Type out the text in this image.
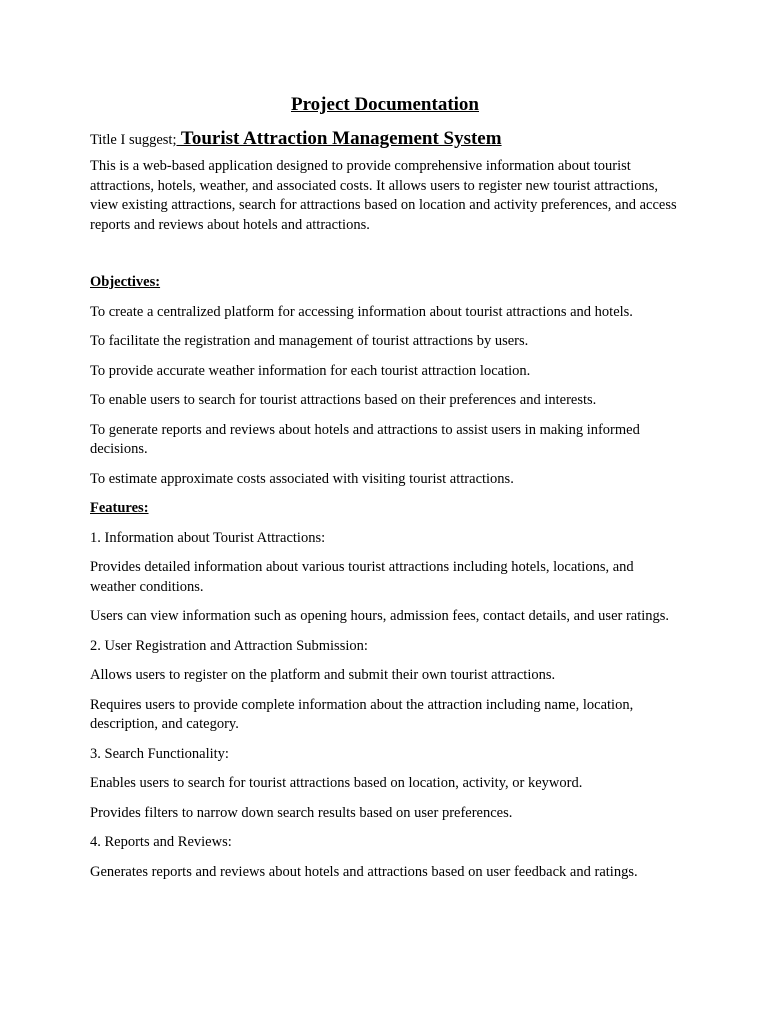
Project Documentation
Title I suggest; Tourist Attraction Management System

This is a web-based application designed to provide comprehensive information about tourist attractions, hotels, weather, and associated costs. It allows users to register new tourist attractions, view existing attractions, search for attractions based on location and activity preferences, and access reports and reviews about hotels and attractions.

Objectives:

To create a centralized platform for accessing information about tourist attractions and hotels.

To facilitate the registration and management of tourist attractions by users.

To provide accurate weather information for each tourist attraction location.

To enable users to search for tourist attractions based on their preferences and interests.

To generate reports and reviews about hotels and attractions to assist users in making informed decisions.

To estimate approximate costs associated with visiting tourist attractions.

Features:

1. Information about Tourist Attractions:

Provides detailed information about various tourist attractions including hotels, locations, and weather conditions.

Users can view information such as opening hours, admission fees, contact details, and user ratings.

2. User Registration and Attraction Submission:

Allows users to register on the platform and submit their own tourist attractions.

Requires users to provide complete information about the attraction including name, location, description, and category.

3. Search Functionality:

Enables users to search for tourist attractions based on location, activity, or keyword.

Provides filters to narrow down search results based on user preferences.

4. Reports and Reviews:

Generates reports and reviews about hotels and attractions based on user feedback and ratings.
